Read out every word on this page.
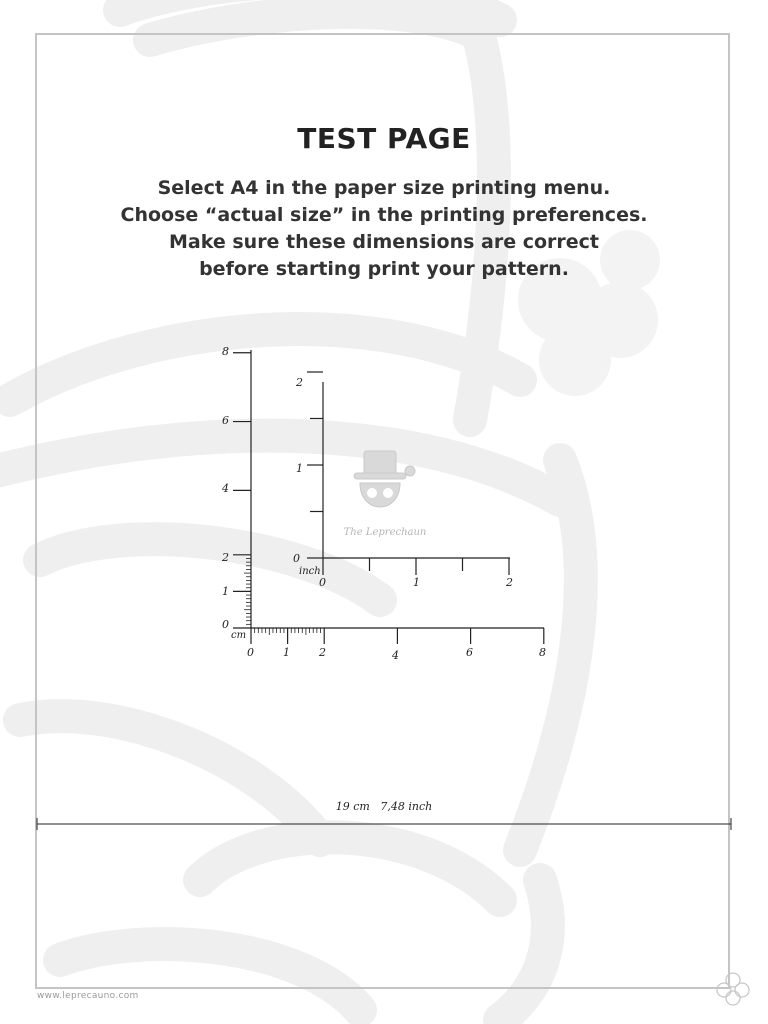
TEST PAGE
Select A4 in the paper size printing menu.
Choose “actual size” in the printing preferences.
Make sure these dimensions are correct
before starting print your pattern.
8
6
4
2
1
0
cm
0	1	2	4	6	8
2
1
0
inch
0	1	2
19 cm   7,48 inch
The Leprechaun
www.leprecauno.com
